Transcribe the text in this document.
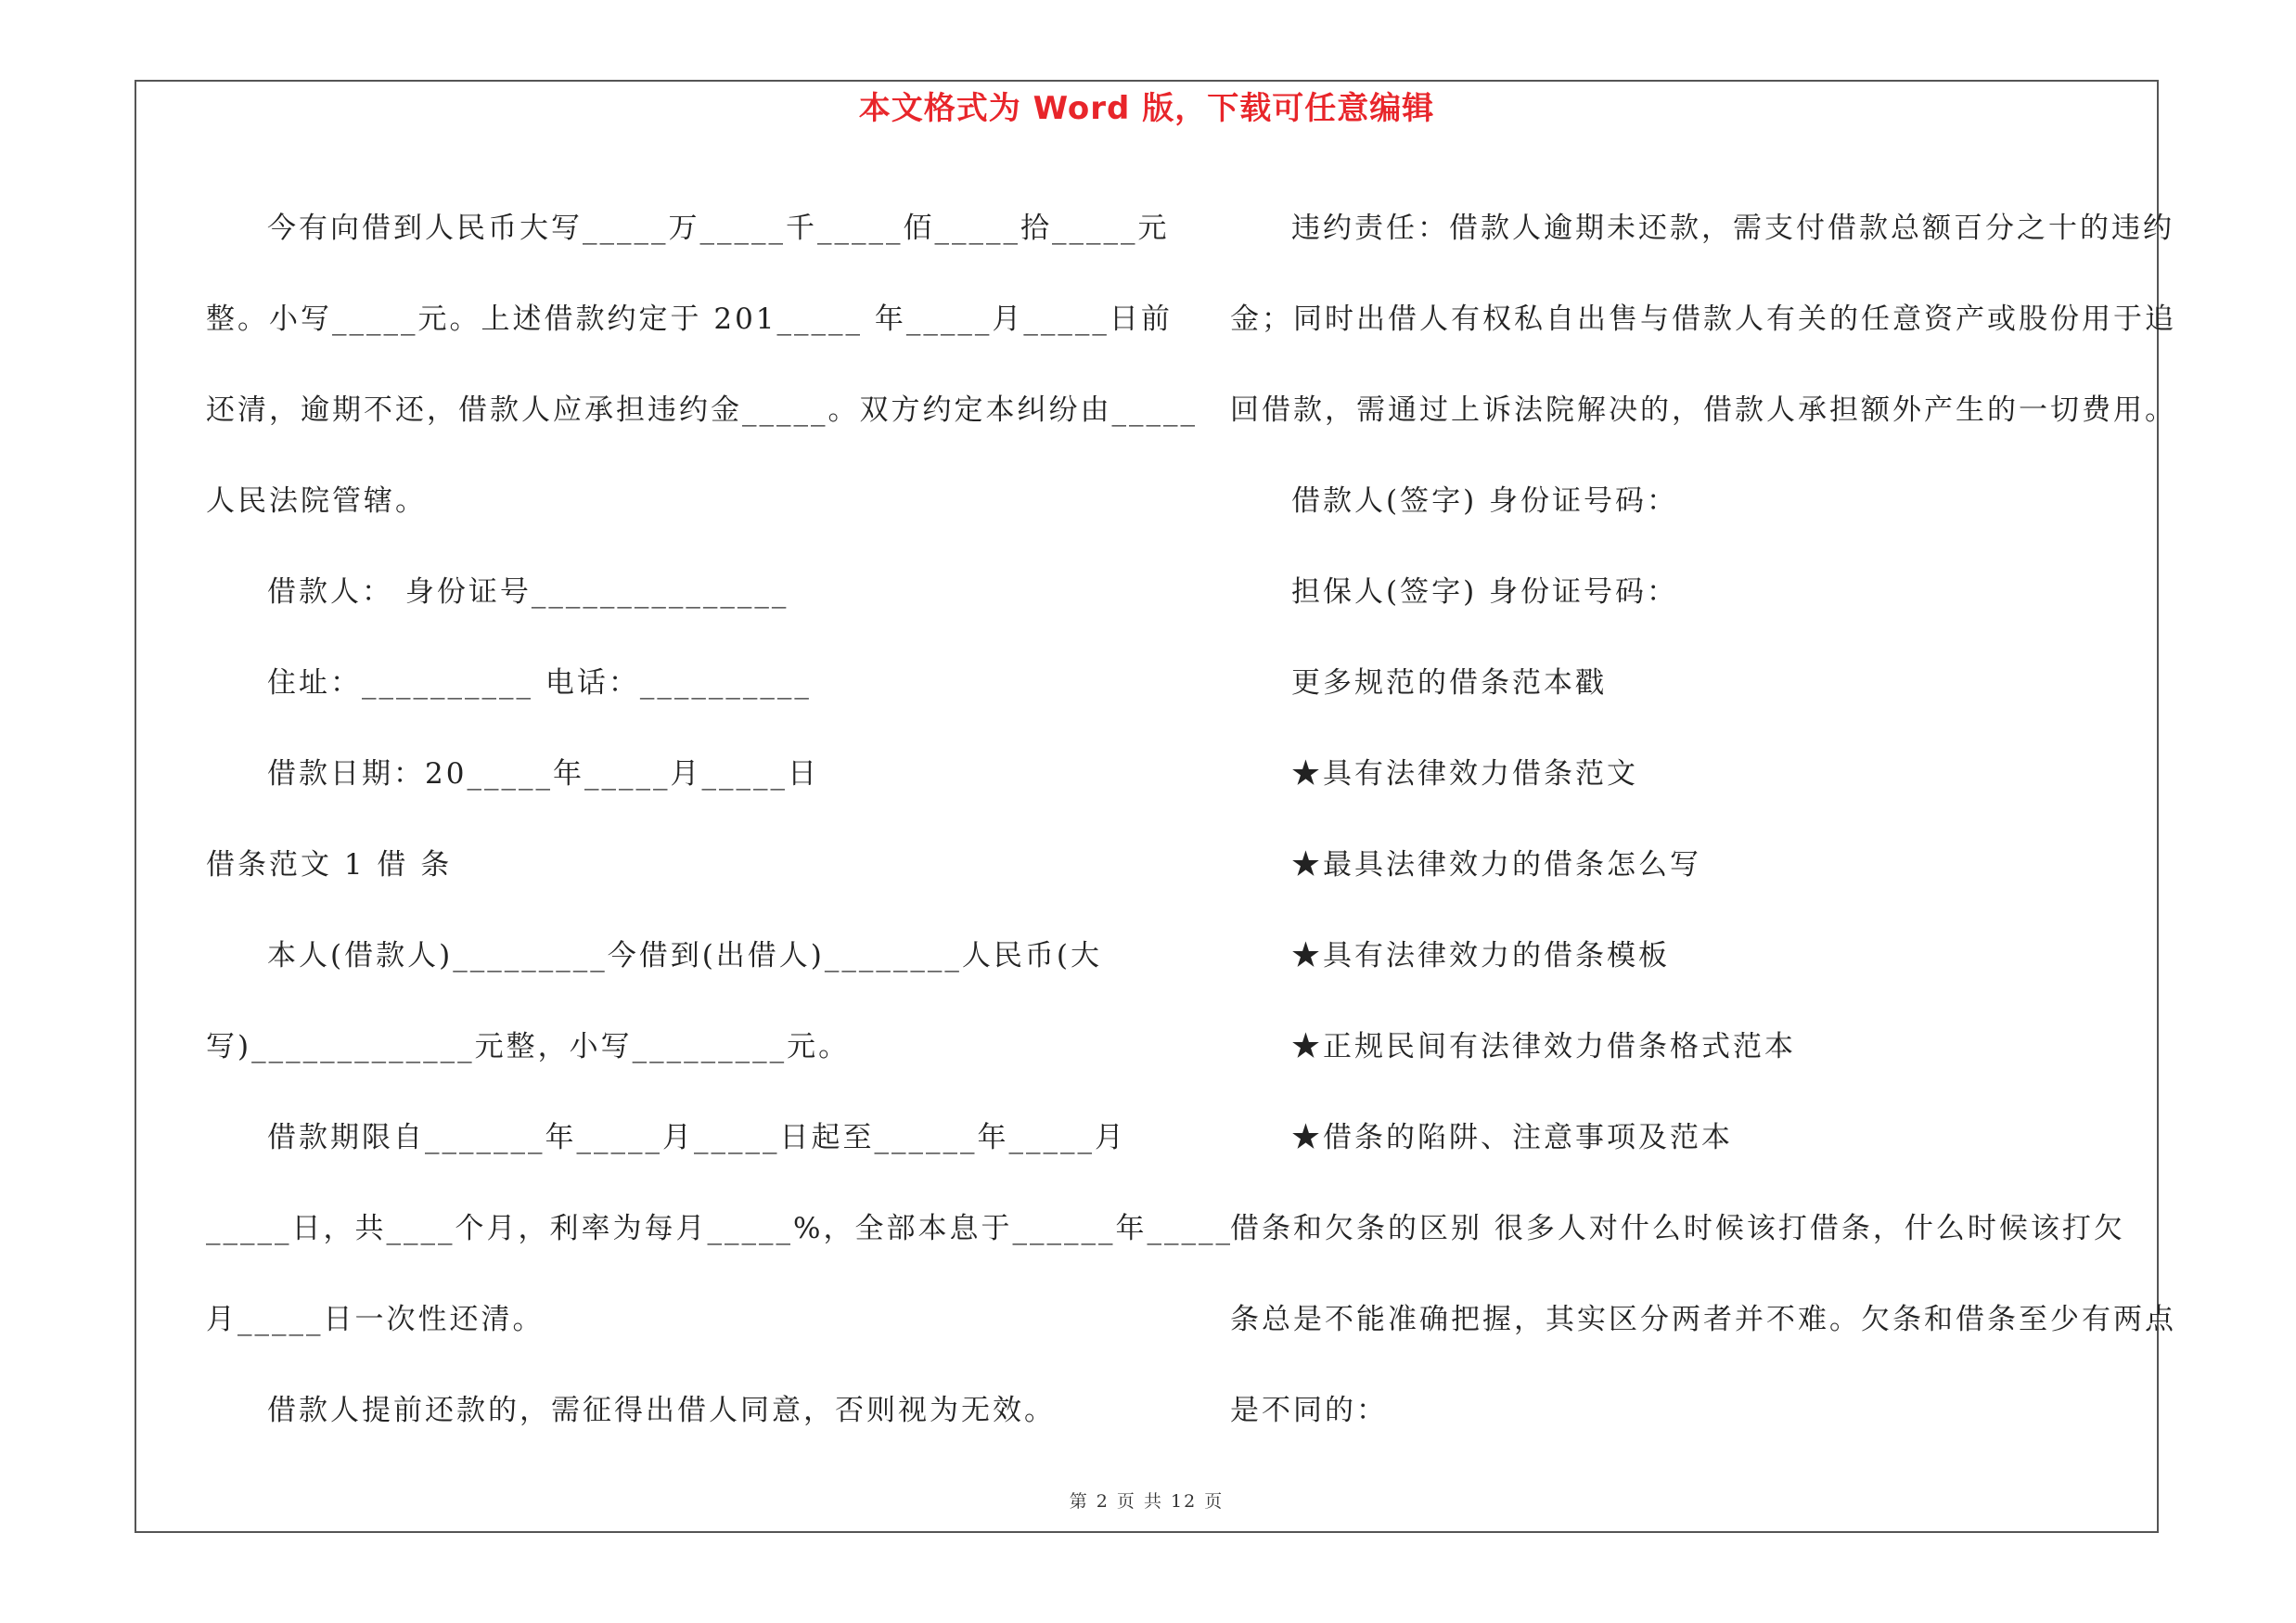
本文格式为 Word 版，下载可任意编辑
今有向借到人民币大写_____万_____千_____佰_____拾_____元
整。小写_____元。上述借款约定于 201_____ 年_____月_____日前
还清，逾期不还，借款人应承担违约金_____。双方约定本纠纷由_____
人民法院管辖。
借款人： 身份证号_______________
住址：__________ 电话：__________
借款日期：20_____年_____月_____日
借条范文 1 借 条
本人(借款人)_________今借到(出借人)________人民币(大
写)_____________元整，小写_________元。
借款期限自_______年_____月_____日起至______年_____月
_____日，共____个月，利率为每月_____%，全部本息于______年_____
月_____日一次性还清。
借款人提前还款的，需征得出借人同意，否则视为无效。
违约责任：借款人逾期未还款，需支付借款总额百分之十的违约
金；同时出借人有权私自出售与借款人有关的任意资产或股份用于追
回借款，需通过上诉法院解决的，借款人承担额外产生的一切费用。
借款人(签字) 身份证号码：
担保人(签字) 身份证号码：
更多规范的借条范本戳
★具有法律效力借条范文
★最具法律效力的借条怎么写
★具有法律效力的借条模板
★正规民间有法律效力借条格式范本
★借条的陷阱、注意事项及范本
借条和欠条的区别 很多人对什么时候该打借条，什么时候该打欠
条总是不能准确把握，其实区分两者并不难。欠条和借条至少有两点
是不同的：
第 2 页 共 12 页
